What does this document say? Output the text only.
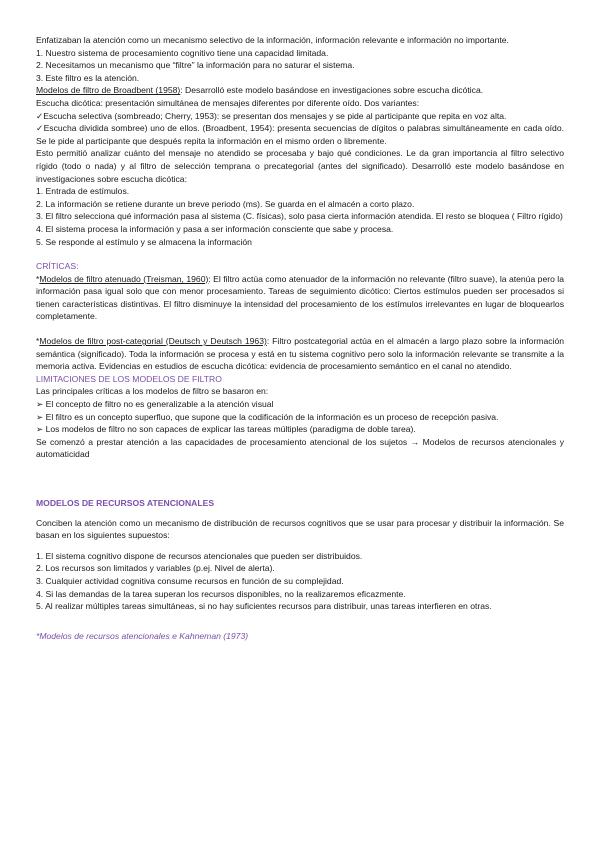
Enfatizaban la atención como un mecanismo selectivo de la información, información relevante e información no importante.

1. Nuestro sistema de procesamiento cognitivo tiene una capacidad limitada.

2. Necesitamos un mecanismo que “filtre” la información para no saturar el sistema.

3. Este filtro es la atención.

Modelos de filtro de Broadbent (1958): Desarrolló este modelo basándose en investigaciones sobre escucha dicótica.

Escucha dicótica: presentación simultánea de mensajes diferentes por diferente oído. Dos variantes:

✓Escucha selectiva (sombreado; Cherry, 1953): se presentan dos mensajes y se pide al participante que repita en voz alta.

✓Escucha dividida sombree) uno de ellos. (Broadbent, 1954): presenta secuencias de dígitos o palabras simultáneamente en cada oído. Se le pide al participante que después repita la información en el mismo orden o libremente.

Esto permitió analizar cuánto del mensaje no atendido se procesaba y bajo qué condiciones. Le da gran importancia al filtro selectivo rígido (todo o nada) y al filtro de selección temprana o precategorial (antes del significado). Desarrolló este modelo basándose en investigaciones sobre escucha dicótica:

1. Entrada de estímulos.

2. La información se retiene durante un breve periodo (ms). Se guarda en el almacén a corto plazo.

3. El filtro selecciona qué información pasa al sistema (C. físicas), solo pasa cierta información atendida. El resto se bloquea ( Filtro rígido)

4. El sistema procesa la información y pasa a ser información consciente que sabe y procesa.

5. Se responde al estímulo y se almacena la información

CRÍTICAS:

*Modelos de filtro atenuado (Treisman, 1960): El filtro actúa como atenuador de la información no relevante (filtro suave), la atenúa pero la información pasa igual solo que con menor procesamiento. Tareas de seguimiento dicótico: Ciertos estímulos pueden ser procesados si tienen características distintivas. El filtro disminuye la intensidad del procesamiento de los estímulos irrelevantes en lugar de bloquearlos completamente.

*Modelos de filtro post-categorial (Deutsch y Deutsch 1963): Filtro postcategorial actúa en el almacén a largo plazo sobre la información semántica (significado). Toda la información se procesa y está en tu sistema cognitivo pero solo la información relevante se transmite a la memoria activa. Evidencias en estudios de escucha dicótica: evidencia de procesamiento semántico en el canal no atendido.

LIMITACIONES DE LOS MODELOS DE FILTRO

Las principales críticas a los modelos de filtro se basaron en:

➢ El concepto de filtro no es generalizable a la atención visual

➢ El filtro es un concepto superfluo, que supone que la codificación de la información es un proceso de recepción pasiva.

➢ Los modelos de filtro no son capaces de explicar las tareas múltiples (paradigma de doble tarea).

Se comenzó a prestar atención a las capacidades de procesamiento atencional de los sujetos → Modelos de recursos atencionales y automaticidad

MODELOS DE RECURSOS ATENCIONALES

Conciben la atención como un mecanismo de distribución de recursos cognitivos que se usar para procesar y distribuir la información. Se basan en los siguientes supuestos:

1. El sistema cognitivo dispone de recursos atencionales que pueden ser distribuidos.

2. Los recursos son limitados y variables (p.ej. Nivel de alerta).

3. Cualquier actividad cognitiva consume recursos en función de su complejidad.

4. Si las demandas de la tarea superan los recursos disponibles, no la realizaremos eficazmente.

5. Al realizar múltiples tareas simultáneas, si no hay suficientes recursos para distribuir, unas tareas interfieren en otras.

*Modelos de recursos atencionales e Kahneman (1973)
